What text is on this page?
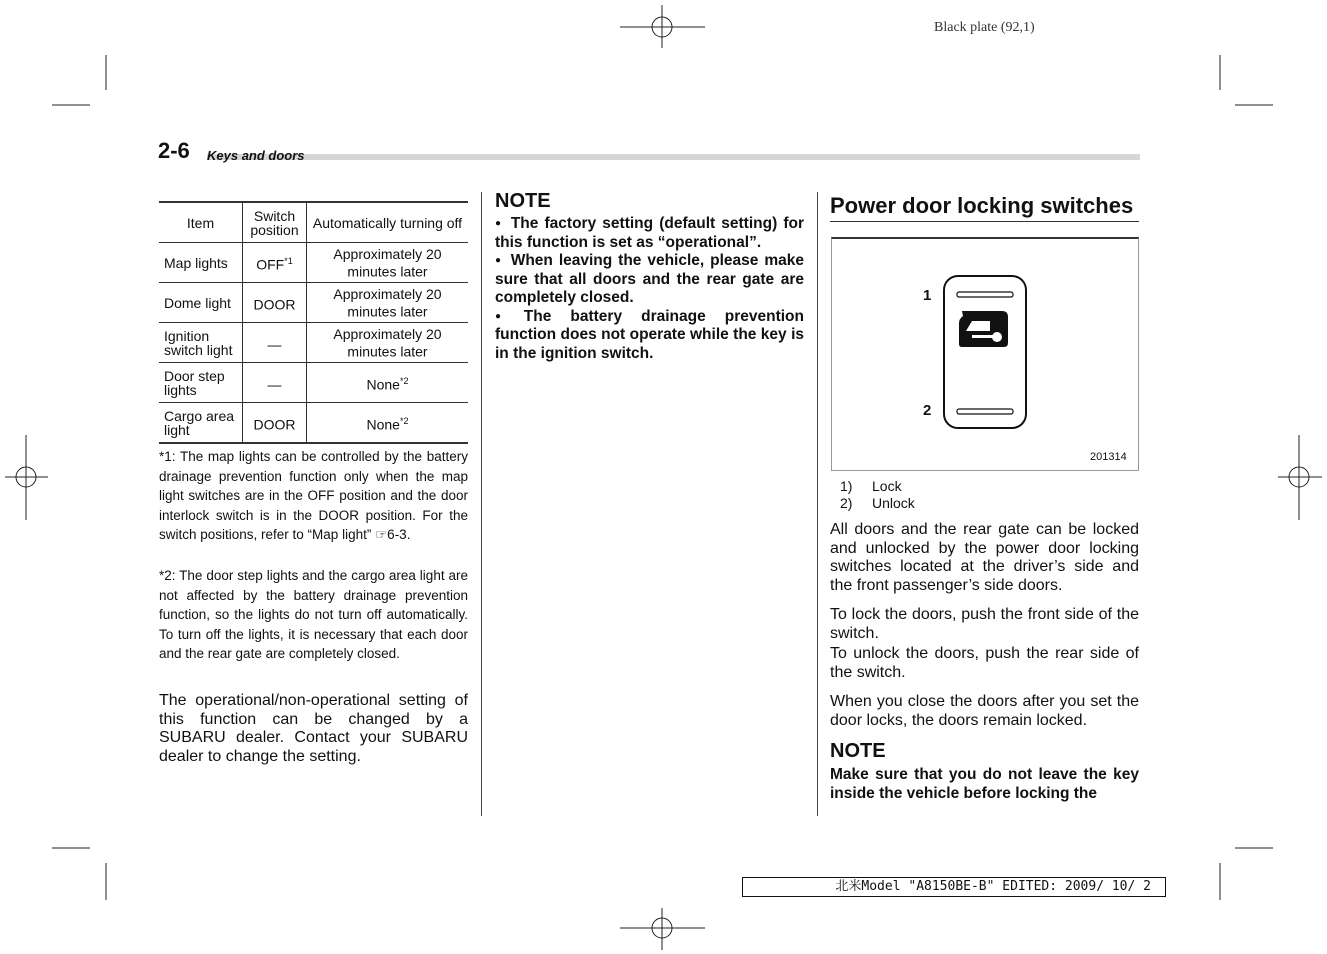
Black plate (92,1)
2-6 Keys and doors
Item	Switch position	Automatically turning off
Map lights	OFF$^{*1}$	Approximately 20 minutes later
Dome light	DOOR	Approximately 20 minutes later
Ignition switch light	—	Approximately 20 minutes later
Door step lights	—	None$^{*2}$
Cargo area light	DOOR	None$^{*2}$
*1: The map lights can be controlled by the battery drainage prevention function only when the map light switches are in the OFF position and the door interlock switch is in the DOOR position. For the switch positions, refer to “Map light” ☞6-3.
*2: The door step lights and the cargo area light are not affected by the battery drainage prevention function, so the lights do not turn off automatically. To turn off the lights, it is necessary that each door and the rear gate are completely closed.
The operational/non-operational setting of this function can be changed by a SUBARU dealer. Contact your SUBARU dealer to change the setting.
NOTE
● The factory setting (default setting) for this function is set as “operational”.
● When leaving the vehicle, please make sure that all doors and the rear gate are completely closed.
● The battery drainage prevention function does not operate while the key is in the ignition switch.
Power door locking switches
1
2
201314
1) Lock
2) Unlock
All doors and the rear gate can be locked and unlocked by the power door locking switches located at the driver’s side and the front passenger’s side doors.
To lock the doors, push the front side of the switch.
To unlock the doors, push the rear side of the switch.
When you close the doors after you set the door locks, the doors remain locked.
NOTE
Make sure that you do not leave the key inside the vehicle before locking the
北米Model "A8150BE-B" EDITED: 2009/ 10/ 2
